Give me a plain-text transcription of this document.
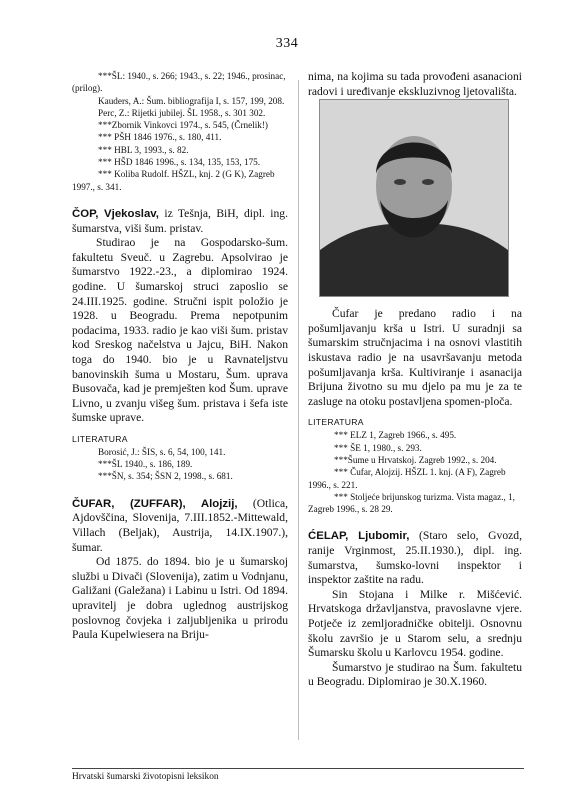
334

***ŠL: 1940., s. 266; 1943., s. 22; 1946., prosinac, (prilog).

Kauders, A.: Šum. bibliografija I, s. 157, 199, 208.

Perc, Z.: Rijetki jubilej. ŠL 1958., s. 301 302.

***Zbornik Vinkovci 1974., s. 545, (Črnelik!)

*** PŠH 1846 1976., s. 180, 411.

*** HBL 3, 1993., s. 82.

*** HŠD 1846 1996., s. 134, 135, 153, 175.

*** Koliba Rudolf. HŠZL, knj. 2 (G K), Zagreb 1997., s. 341.

ČOP, Vjekoslav, iz Tešnja, BiH, dipl. ing. šumarstva, viši šum. pristav.

Studirao je na Gospodarsko-šum. fakultetu Sveuč. u Zagrebu. Apsolvirao je šumarstvo 1922.-23., a diplomirao 1924. godine. U šumarskoj struci zaposlio se 24.III.1925. godine. Stručni ispit položio je 1928. u Beogradu. Prema nepotpunim podacima, 1933. radio je kao viši šum. pristav kod Sreskog načelstva u Jajcu, BiH. Nakon toga do 1940. bio je u Ravnateljstvu banovinskih šuma u Mostaru, Šum. uprava Busovača, kad je premješten kod Šum. uprave Livno, u zvanju višeg šum. pristava i šefa iste šumske uprave.

LITERATURA

Borosić, J.: ŠIS, s. 6, 54, 100, 141.

***ŠL 1940., s. 186, 189.

***ŠN, s. 354; ŠSN 2, 1998., s. 681.

ČUFAR, (ZUFFAR), Alojzij, (Otlica, Ajdovščina, Slovenija, 7.III.1852.-Mittewald, Villach (Beljak), Austrija, 14.IX.1907.), šumar.

Od 1875. do 1894. bio je u šumarskoj službi u Divači (Slovenija), zatim u Vodnjanu, Galižani (Galežana) i Labinu u Istri. Od 1894. upravitelj je dobra uglednog austrijskog poslovnog čovjeka i zaljubljenika u prirodu Paula Kupelwiesera na Briju-

nima, na kojima su tada provođeni asanacioni radovi i uređivanje ekskluzivnog ljetovališta.

Čufar je predano radio i na pošumljavanju krša u Istri. U suradnji sa šumarskim stručnjacima i na osnovi vlastitih iskustava radio je na usavršavanju metoda pošumljavanja krša. Kultiviranje i asanacija Brijuna životno su mu djelo pa mu je za te zasluge na otoku postavljena spomen-ploča.

LITERATURA

*** ELZ 1, Zagreb 1966., s. 495.

*** ŠE 1, 1980., s. 293.

***Šume u Hrvatskoj. Zagreb 1992., s. 204.

*** Čufar, Alojzij. HŠZL 1. knj. (A F), Zagreb 1996., s. 221.

*** Stoljeće brijunskog turizma. Vista magaz., 1, Zagreb 1996., s. 28 29.

ĆELAP, Ljubomir, (Staro selo, Gvozd, ranije Vrginmost, 25.II.1930.), dipl. ing. šumarstva, šumsko-lovni inspektor i inspektor zaštite na radu.

Sin Stojana i Milke r. Mišćević. Hrvatskoga državljanstva, pravoslavne vjere. Potječe iz zemljoradničke obitelji. Osnovnu školu završio je u Starom selu, a srednju Šumarsku školu u Karlovcu 1954. godine.

Šumarstvo je studirao na Šum. fakultetu u Beogradu. Diplomirao je 30.X.1960.

Hrvatski šumarski životopisni leksikon
